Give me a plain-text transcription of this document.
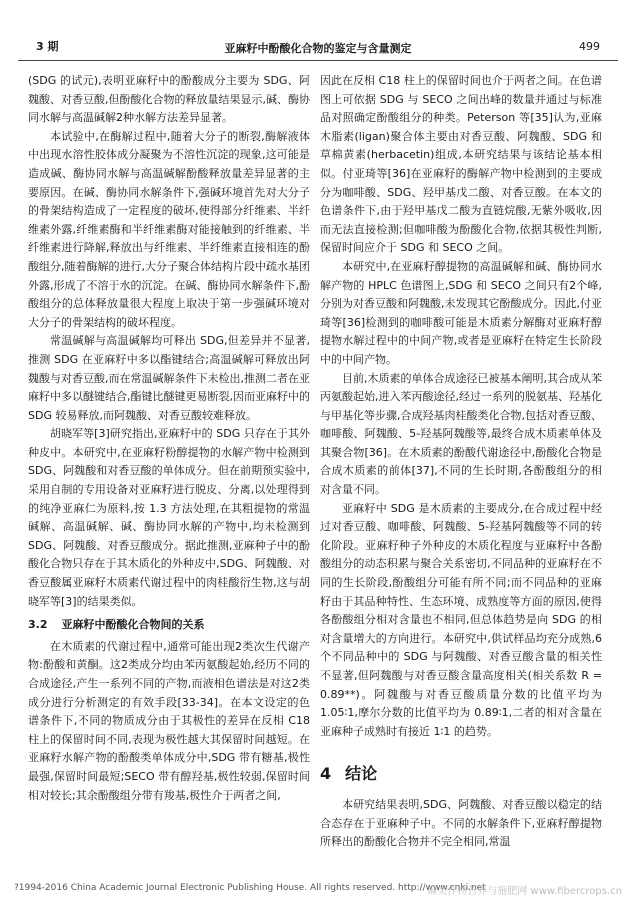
3 期	亚麻籽中酚酸化合物的鉴定与含量测定	499

(SDG 的试元),表明亚麻籽中的酚酸成分主要为 SDG、阿魏酸、对香豆酸,但酚酸化合物的释放量结果显示,碱、酶协同水解与高温碱解2种水解方法差异显著。

本试验中,在酶解过程中,随着大分子的断裂,酶解液体中出现水溶性胶体成分凝聚为不溶性沉淀的现象,这可能是造成碱、酶协同水解与高温碱解酚酸释放量差异显著的主要原因。在碱、酶协同水解条件下,强碱环境首先对大分子的骨架结构造成了一定程度的破坏,使得部分纤维素、半纤维素外露,纤维素酶和半纤维素酶对能接触到的纤维素、半纤维素进行降解,释放出与纤维素、半纤维素直接相连的酚酸组分,随着酶解的进行,大分子聚合体结构片段中疏水基团外露,形成了不溶于水的沉淀。在碱、酶协同水解条件下,酚酸组分的总体释放量很大程度上取决于第一步强碱环境对大分子的骨架结构的破坏程度。

常温碱解与高温碱解均可释出 SDG,但差异并不显著,推测 SDG 在亚麻籽中多以酯键结合;高温碱解可释放出阿魏酸与对香豆酸,而在常温碱解条件下未检出,推测二者在亚麻籽中多以醚键结合,酯键比醚键更易断裂,因而亚麻籽中的 SDG 较易释放,而阿魏酸、对香豆酸较难释放。

胡晓军等[3]研究指出,亚麻籽中的 SDG 只存在于其外种皮中。本研究中,在亚麻籽粉醇提物的水解产物中检测到 SDG、阿魏酸和对香豆酸的单体成分。但在前期预实验中,采用自制的专用设备对亚麻籽进行脱皮、分离,以处理得到的纯净亚麻仁为原料,按 1.3 方法处理,在其粗提物的常温碱解、高温碱解、碱、酶协同水解的产物中,均未检测到 SDG、阿魏酸、对香豆酸成分。据此推测,亚麻种子中的酚酸化合物只存在于其木质化的外种皮中,SDG、阿魏酸、对香豆酸属亚麻籽木质素代谢过程中的肉桂酸衍生物,这与胡晓军等[3]的结果类似。

3.2 亚麻籽中酚酸化合物间的关系

在木质素的代谢过程中,通常可能出现2类次生代谢产物:酚酸和黄酮。这2类成分均由苯丙氨酸起始,经历不同的合成途径,产生一系列不同的产物,而液相色谱法是对这2类成分进行分析测定的有效手段[33-34]。在本文设定的色谱条件下,不同的物质成分由于其极性的差异在反相 C18 柱上的保留时间不同,表现为极性越大其保留时间越短。在亚麻籽水解产物的酚酸类单体成分中,SDG 带有糖基,极性最强,保留时间最短;SECO 带有醇羟基,极性较弱,保留时间相对较长;其余酚酸组分带有羧基,极性介于两者之间,

因此在反相 C18 柱上的保留时间也介于两者之间。在色谱图上可依据 SDG 与 SECO 之间出峰的数量并通过与标准品对照确定酚酸组分的种类。Peterson 等[35]认为,亚麻木脂素(ligan)聚合体主要由对香豆酸、阿魏酸、SDG 和草棉黄素(herbacetin)组成,本研究结果与该结论基本相似。付亚琦等[36]在亚麻籽的酶解产物中检测到的主要成分为咖啡酸、SDG、羟甲基戊二酸、对香豆酸。在本文的色谱条件下,由于羟甲基戊二酸为直链烷酸,无紫外吸收,因而无法直接检测;但咖啡酸为酚酸化合物,依据其极性判断,保留时间应介于 SDG 和 SECO 之间。

本研究中,在亚麻籽醇提物的高温碱解和碱、酶协同水解产物的 HPLC 色谱图上,SDG 和 SECO 之间只有2个峰,分别为对香豆酸和阿魏酸,未发现其它酚酸成分。因此,付亚琦等[36]检测到的咖啡酸可能是木质素分解酶对亚麻籽醇提物水解过程中的中间产物,或者是亚麻籽在特定生长阶段中的中间产物。

目前,木质素的单体合成途径已被基本阐明,其合成从苯丙氨酸起始,进入苯丙酸途径,经过一系列的脱氨基、羟基化与甲基化等步骤,合成羟基肉桂酸类化合物,包括对香豆酸、咖啡酸、阿魏酸、5-羟基阿魏酸等,最终合成木质素单体及其聚合物[36]。在木质素的酚酸代谢途径中,酚酸化合物是合成木质素的前体[37],不同的生长时期,各酚酸组分的相对含量不同。

亚麻籽中 SDG 是木质素的主要成分,在合成过程中经过对香豆酸、咖啡酸、阿魏酸、5-羟基阿魏酸等不同的转化阶段。亚麻籽种子外种皮的木质化程度与亚麻籽中各酚酸组分的动态积累与聚合关系密切,不同品种的亚麻籽在不同的生长阶段,酚酸组分可能有所不同;而不同品种的亚麻籽由于其品种特性、生态环境、成熟度等方面的原因,使得各酚酸组分相对含量也不相同,但总体趋势是向 SDG 的相对含量增大的方向进行。本研究中,供试样品均充分成熟,6个不同品种中的 SDG 与阿魏酸、对香豆酸含量的相关性不显著,但阿魏酸与对香豆酸含量高度相关(相关系数 R = 0.89**)。阿魏酸与对香豆酸质量分数的比值平均为 1.05∶1,摩尔分数的比值平均为 0.89∶1,二者的相对含量在亚麻种子成熟时有接近 1∶1 的趋势。

4 结论

本研究结果表明,SDG、阿魏酸、对香豆酸以稳定的结合态存在于亚麻种子中。不同的水解条件下,亚麻籽醇提物所释出的酚酸化合物并不完全相同,常温

?1994-2016 China Academic Journal Electronic Publishing House. All rights reserved. http://www.cnki.net
麻类作物营养与施肥网 www.fibercrops.cn
